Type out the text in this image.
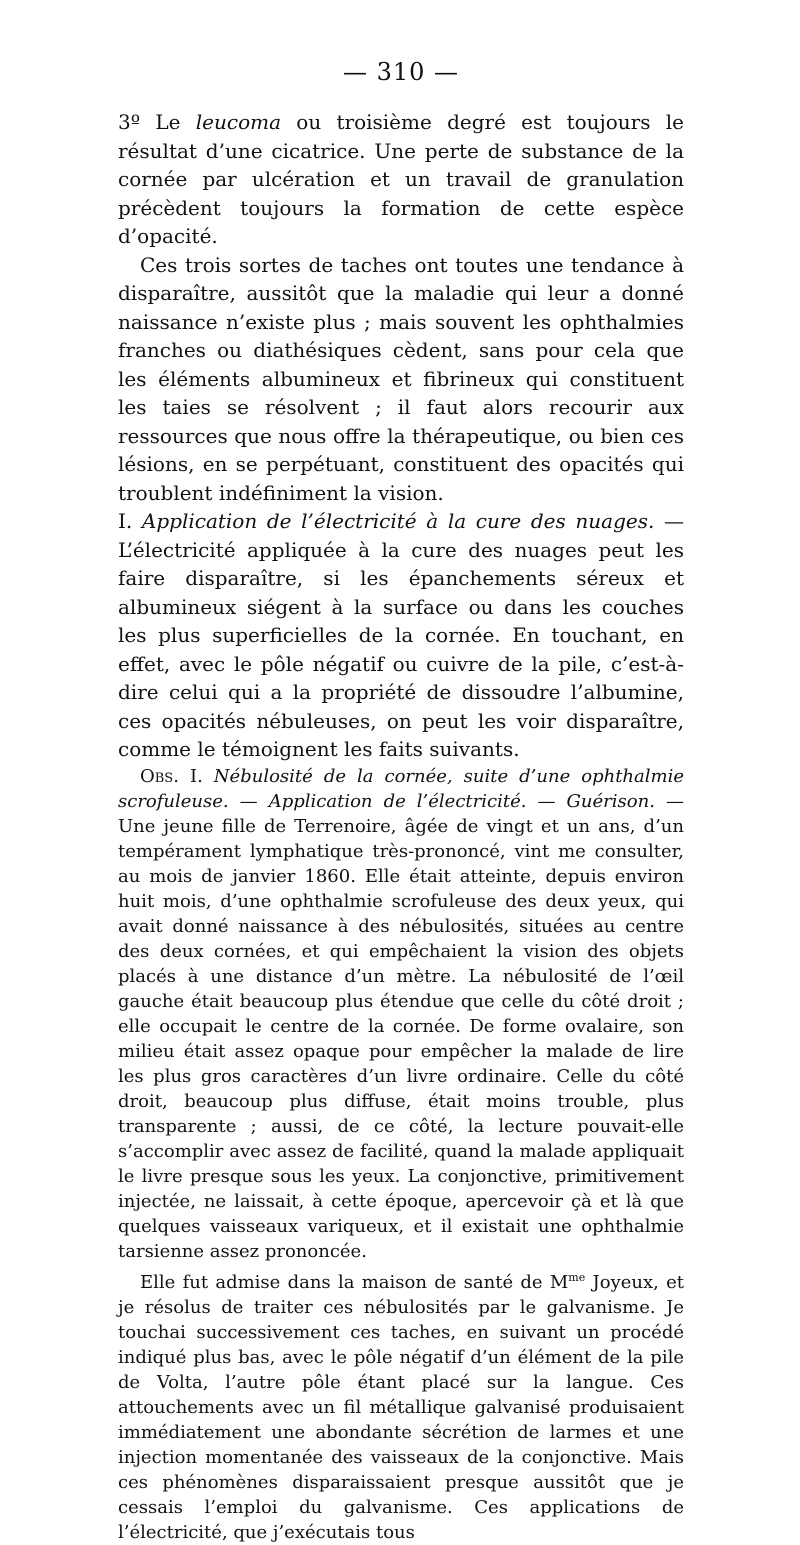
— 310 —

3º Le leucoma ou troisième degré est toujours le résultat d’une cicatrice. Une perte de substance de la cornée par ulcération et un travail de granulation précèdent toujours la formation de cette espèce d’opacité.

Ces trois sortes de taches ont toutes une tendance à disparaître, aussitôt que la maladie qui leur a donné naissance n’existe plus ; mais souvent les ophthalmies franches ou diathésiques cèdent, sans pour cela que les éléments albumineux et fibrineux qui constituent les taies se résolvent ; il faut alors recourir aux ressources que nous offre la thérapeutique, ou bien ces lésions, en se perpétuant, constituent des opacités qui troublent indéfiniment la vision.

I. Application de l’électricité à la cure des nuages. — L’électricité appliquée à la cure des nuages peut les faire disparaître, si les épanchements séreux et albumineux siégent à la surface ou dans les couches les plus superficielles de la cornée. En touchant, en effet, avec le pôle négatif ou cuivre de la pile, c’est-à-dire celui qui a la propriété de dissoudre l’albumine, ces opacités nébuleuses, on peut les voir disparaître, comme le témoignent les faits suivants.

Obs. I. Nébulosité de la cornée, suite d’une ophthalmie scrofuleuse. — Application de l’électricité. — Guérison. — Une jeune fille de Terrenoire, âgée de vingt et un ans, d’un tempérament lymphatique très-prononcé, vint me consulter, au mois de janvier 1860. Elle était atteinte, depuis environ huit mois, d’une ophthalmie scrofuleuse des deux yeux, qui avait donné naissance à des nébulosités, situées au centre des deux cornées, et qui empêchaient la vision des objets placés à une distance d’un mètre. La nébulosité de l’œil gauche était beaucoup plus étendue que celle du côté droit ; elle occupait le centre de la cornée. De forme ovalaire, son milieu était assez opaque pour empêcher la malade de lire les plus gros caractères d’un livre ordinaire. Celle du côté droit, beaucoup plus diffuse, était moins trouble, plus transparente ; aussi, de ce côté, la lecture pouvait-elle s’accomplir avec assez de facilité, quand la malade appliquait le livre presque sous les yeux. La conjonctive, primitivement injectée, ne laissait, à cette époque, apercevoir çà et là que quelques vaisseaux variqueux, et il existait une ophthalmie tarsienne assez prononcée.

Elle fut admise dans la maison de santé de $M^{me}$ Joyeux, et je résolus de traiter ces nébulosités par le galvanisme. Je touchai successivement ces taches, en suivant un procédé indiqué plus bas, avec le pôle négatif d’un élément de la pile de Volta, l’autre pôle étant placé sur la langue. Ces attouchements avec un fil métallique galvanisé produisaient immédiatement une abondante sécrétion de larmes et une injection momentanée des vaisseaux de la conjonctive. Mais ces phénomènes disparaissaient presque aussitôt que je cessais l’emploi du galvanisme. Ces applications de l’électricité, que j’exécutais tous
